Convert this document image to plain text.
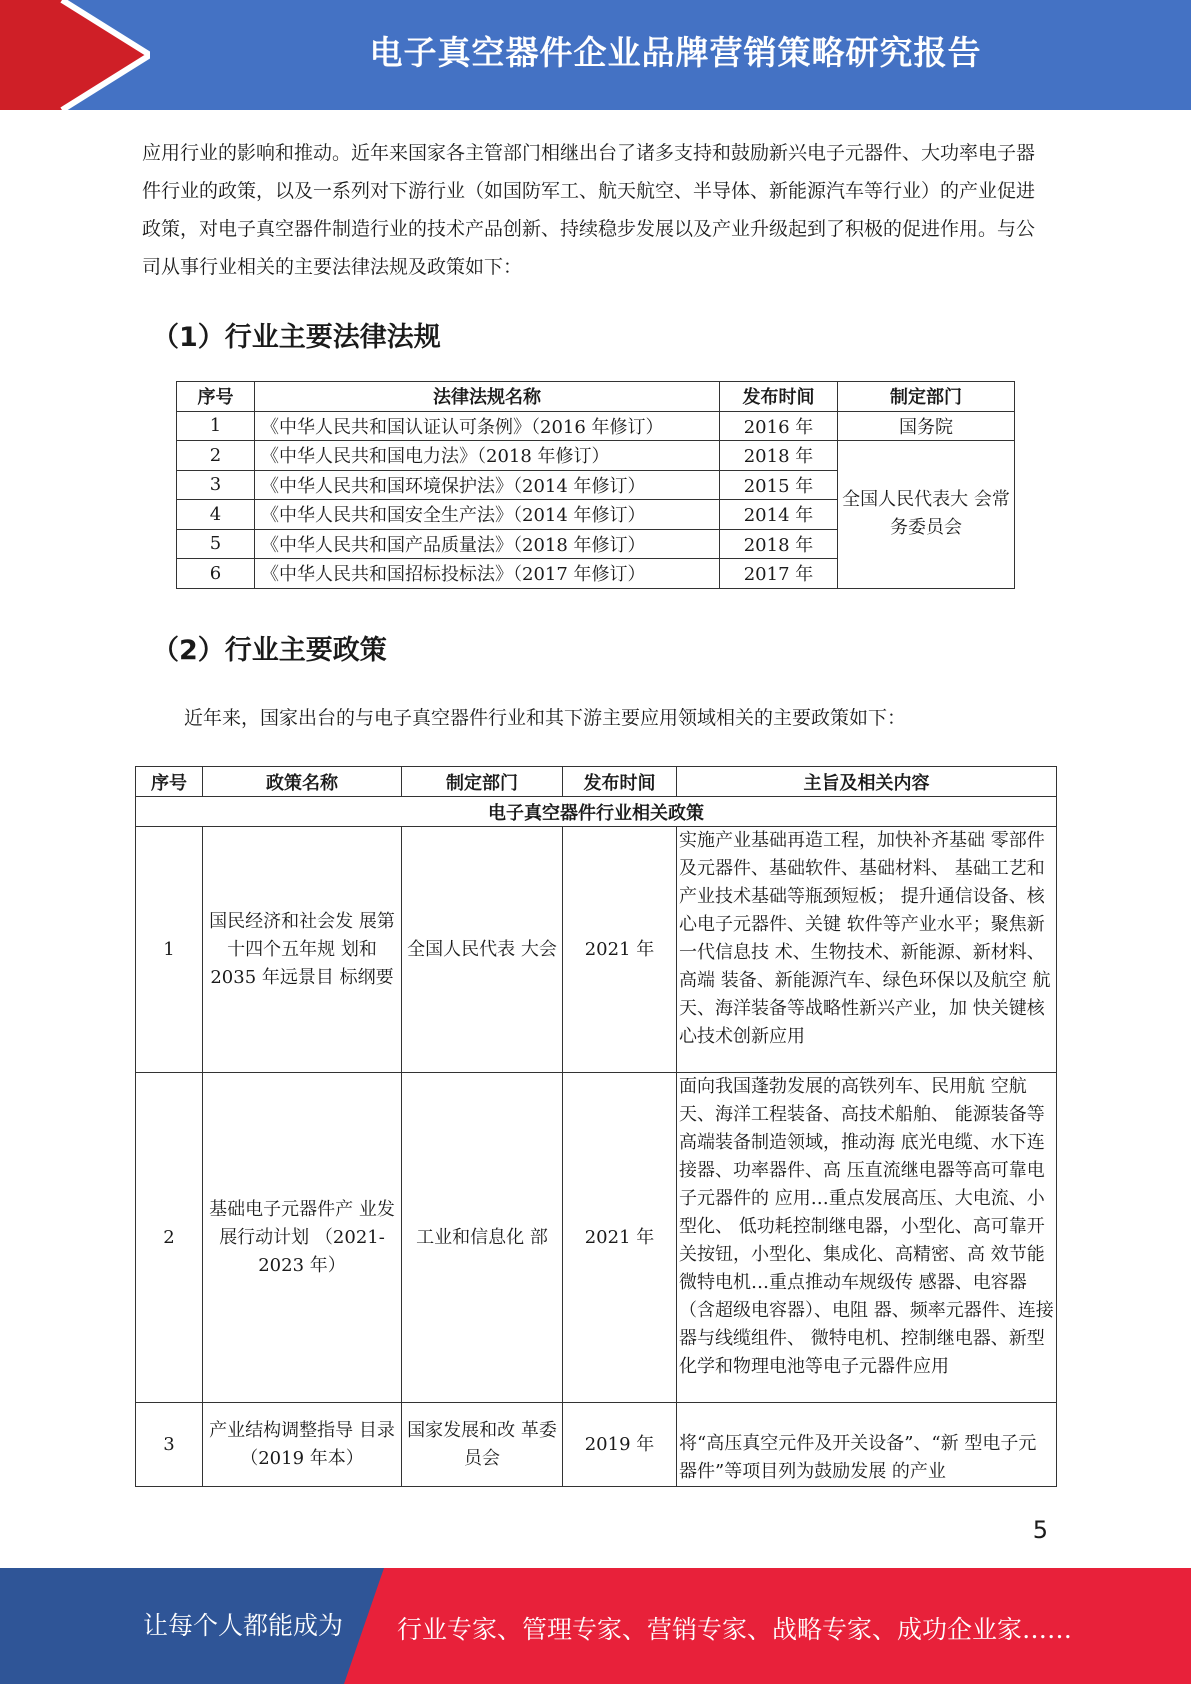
电子真空器件企业品牌营销策略研究报告

应用行业的影响和推动。近年来国家各主管部门相继出台了诸多支持和鼓励新兴电子元器件、大功率电子器件行业的政策，以及一系列对下游行业（如国防军工、航天航空、半导体、新能源汽车等行业）的产业促进政策，对电子真空器件制造行业的技术产品创新、持续稳步发展以及产业升级起到了积极的促进作用。与公司从事行业相关的主要法律法规及政策如下：

（1）行业主要法律法规
序号	法律法规名称	发布时间	制定部门
1	《中华人民共和国认证认可条例》（2016 年修订）	2016 年	国务院
2	《中华人民共和国电力法》（2018 年修订）	2018 年	全国人民代表大 会常务委员会
3	《中华人民共和国环境保护法》（2014 年修订）	2015 年	
4	《中华人民共和国安全生产法》（2014 年修订）	2014 年	
5	《中华人民共和国产品质量法》（2018 年修订）	2018 年	
6	《中华人民共和国招标投标法》（2017 年修订）	2017 年	
（2）行业主要政策

近年来，国家出台的与电子真空器件行业和其下游主要应用领域相关的主要政策如下：

序号	政策名称	制定部门	发布时间	主旨及相关内容
电子真空器件行业相关政策				
1	国民经济和社会发 展第十四个五年规 划和 2035 年远景目 标纲要	全国人民代表 大会	2021 年	实施产业基础再造工程，加快补齐基础 零部件及元器件、基础软件、基础材料、 基础工艺和产业技术基础等瓶颈短板； 提升通信设备、核心电子元器件、关键 软件等产业水平；聚焦新一代信息技 术、生物技术、新能源、新材料、高端 装备、新能源汽车、绿色环保以及航空 航天、海洋装备等战略性新兴产业，加 快关键核心技术创新应用
2	基础电子元器件产 业发展行动计划 （2021-2023 年）	工业和信息化 部	2021 年	面向我国蓬勃发展的高铁列车、民用航 空航天、海洋工程装备、高技术船舶、 能源装备等高端装备制造领域，推动海 底光电缆、水下连接器、功率器件、高 压直流继电器等高可靠电子元器件的 应用…重点发展高压、大电流、小型化、 低功耗控制继电器，小型化、高可靠开 关按钮，小型化、集成化、高精密、高 效节能微特电机…重点推动车规级传 感器、电容器（含超级电容器）、电阻 器、频率元器件、连接器与线缆组件、 微特电机、控制继电器、新型化学和物理电池等电子元器件应用
3	产业结构调整指导 目录 （2019 年本）	国家发展和改 革委员会	2019 年	将“高压真空元件及开关设备”、“新 型电子元器件”等项目列为鼓励发展 的产业
5
让每个人都能成为 行业专家、管理专家、营销专家、战略专家、成功企业家……
